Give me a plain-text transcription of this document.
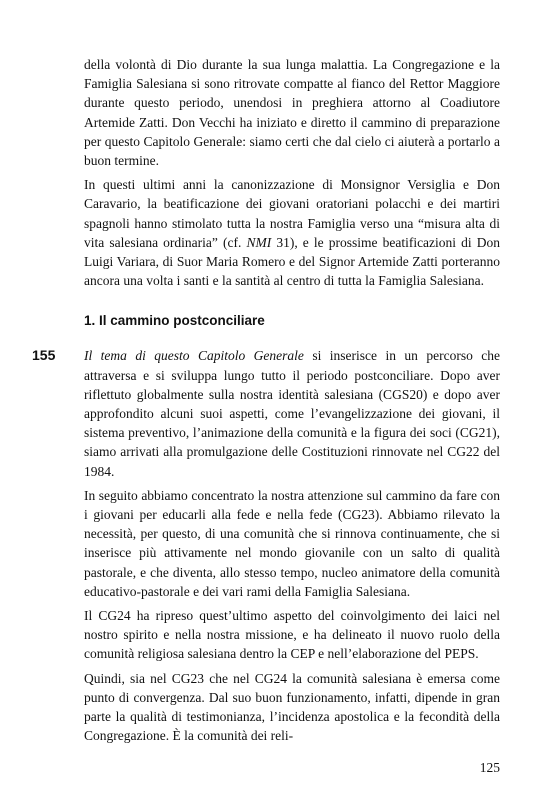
della volontà di Dio durante la sua lunga malattia. La Congregazione e la Famiglia Salesiana si sono ritrovate compatte al fianco del Rettor Maggiore durante questo periodo, unendosi in preghiera attorno al Coadiutore Artemide Zatti. Don Vecchi ha iniziato e diretto il cammino di preparazione per questo Capitolo Generale: siamo certi che dal cielo ci aiuterà a portarlo a buon termine.

In questi ultimi anni la canonizzazione di Monsignor Versiglia e Don Caravario, la beatificazione dei giovani oratoriani polacchi e dei martiri spagnoli hanno stimolato tutta la nostra Famiglia verso una “misura alta di vita salesiana ordinaria” (cf. NMI 31), e le prossime beatificazioni di Don Luigi Variara, di Suor Maria Romero e del Signor Artemide Zatti porteranno ancora una volta i santi e la santità al centro di tutta la Famiglia Salesiana.

1. Il cammino postconciliare

155 Il tema di questo Capitolo Generale si inserisce in un percorso che attraversa e si sviluppa lungo tutto il periodo postconciliare. Dopo aver riflettuto globalmente sulla nostra identità salesiana (CGS20) e dopo aver approfondito alcuni suoi aspetti, come l’evangelizzazione dei giovani, il sistema preventivo, l’animazione della comunità e la figura dei soci (CG21), siamo arrivati alla promulgazione delle Costituzioni rinnovate nel CG22 del 1984.

In seguito abbiamo concentrato la nostra attenzione sul cammino da fare con i giovani per educarli alla fede e nella fede (CG23). Abbiamo rilevato la necessità, per questo, di una comunità che si rinnova continuamente, che si inserisce più attivamente nel mondo giovanile con un salto di qualità pastorale, e che diventa, allo stesso tempo, nucleo animatore della comunità educativo-pastorale e dei vari rami della Famiglia Salesiana.

Il CG24 ha ripreso quest’ultimo aspetto del coinvolgimento dei laici nel nostro spirito e nella nostra missione, e ha delineato il nuovo ruolo della comunità religiosa salesiana dentro la CEP e nell’elaborazione del PEPS.

Quindi, sia nel CG23 che nel CG24 la comunità salesiana è emersa come punto di convergenza. Dal suo buon funzionamento, infatti, dipende in gran parte la qualità di testimonianza, l’incidenza apostolica e la fecondità della Congregazione. È la comunità dei reli-

125
